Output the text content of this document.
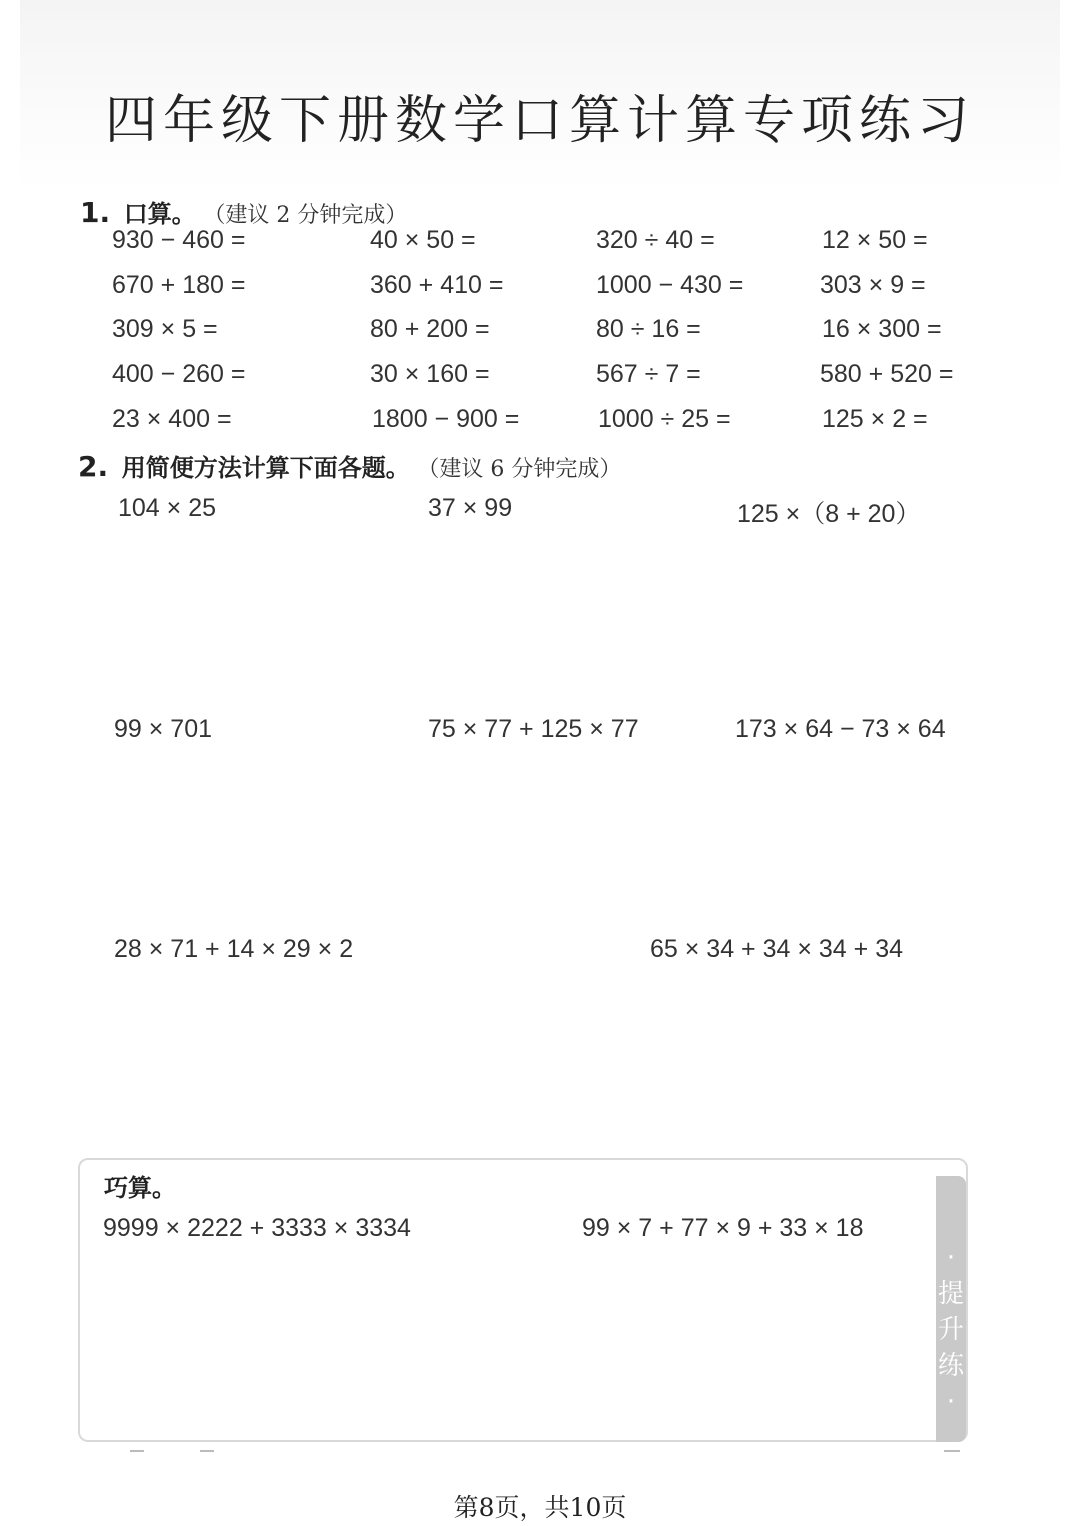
四年级下册数学口算计算专项练习
1. 口算。 （建议 2 分钟完成）
930 − 460 =	40 × 50 =	320 ÷ 40 =	12 × 50 =
670 + 180 =	360 + 410 =	1000 − 430 =	303 × 9 =
309 × 5 =	80 + 200 =	80 ÷ 16 =	16 × 300 =
400 − 260 =	30 × 160 =	567 ÷ 7 =	580 + 520 =
23 × 400 =	1800 − 900 =	1000 ÷ 25 =	125 × 2 =
2. 用简便方法计算下面各题。 （建议 6 分钟完成）
104 × 25	37 × 99	125 ×（8 + 20）
99 × 701	75 × 77 + 125 × 77	173 × 64 − 73 × 64
28 × 71 + 14 × 29 × 2	65 × 34 + 34 × 34 + 34
·
提
升
练
·
巧算。
9999 × 2222 + 3333 × 3334	99 × 7 + 77 × 9 + 33 × 18
第8页，共10页
